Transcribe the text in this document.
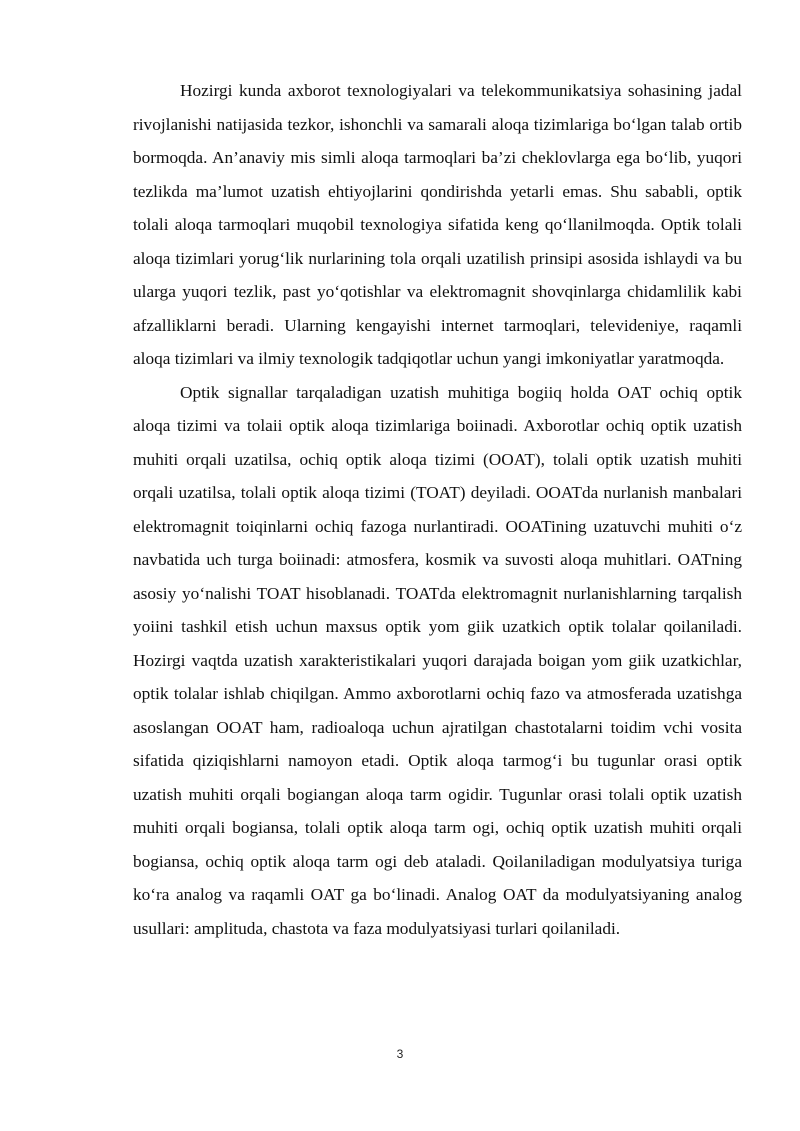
Hozirgi kunda axborot texnologiyalari va telekommunikatsiya sohasining jadal rivojlanishi natijasida tezkor, ishonchli va samarali aloqa tizimlariga bo‘lgan talab ortib bormoqda. An’anaviy mis simli aloqa tarmoqlari ba’zi cheklovlarga ega bo‘lib, yuqori tezlikda ma’lumot uzatish ehtiyojlarini qondirishda yetarli emas. Shu sababli, optik tolali aloqa tarmoqlari muqobil texnologiya sifatida keng qo‘llanilmoqda. Optik tolali aloqa tizimlari yorug‘lik nurlarining tola orqali uzatilish prinsipi asosida ishlaydi va bu ularga yuqori tezlik, past yo‘qotishlar va elektromagnit shovqinlarga chidamlilik kabi afzalliklarni beradi. Ularning kengayishi internet tarmoqlari, televideniye, raqamli aloqa tizimlari va ilmiy texnologik tadqiqotlar uchun yangi imkoniyatlar yaratmoqda.

Optik signallar tarqaladigan uzatish muhitiga bogiiq holda OAT ochiq optik aloqa tizimi va tolaii optik aloqa tizimlariga boiinadi. Axborotlar ochiq optik uzatish muhiti orqali uzatilsa, ochiq optik aloqa tizimi (OOAT), tolali optik uzatish muhiti orqali uzatilsa, tolali optik aloqa tizimi (TOAT) deyiladi. OOATda nurlanish manbalari elektromagnit toiqinlarni ochiq fazoga nurlantiradi. OOATining uzatuvchi muhiti o‘z navbatida uch turga boiinadi: atmosfera, kosmik va suvosti aloqa muhitlari. OATning asosiy yo‘nalishi TOAT hisoblanadi. TOATda elektromagnit nurlanishlarning tarqalish yoiini tashkil etish uchun maxsus optik yom giik uzatkich optik tolalar qoilaniladi. Hozirgi vaqtda uzatish xarakteristikalari yuqori darajada boigan yom giik uzatkichlar, optik tolalar ishlab chiqilgan. Ammo axborotlarni ochiq fazo va atmosferada uzatishga asoslangan OOAT ham, radioaloqa uchun ajratilgan chastotalarni toidim vchi vosita sifatida qiziqishlarni namoyon etadi. Optik aloqa tarmog‘i bu tugunlar orasi optik uzatish muhiti orqali bogiangan aloqa tarm ogidir. Tugunlar orasi tolali optik uzatish muhiti orqali bogiansa, tolali optik aloqa tarm ogi, ochiq optik uzatish muhiti orqali bogiansa, ochiq optik aloqa tarm ogi deb ataladi. Qoilaniladigan modulyatsiya turiga ko‘ra analog va raqamli OAT ga bo‘linadi. Analog OAT da modulyatsiyaning analog usullari: amplituda, chastota va faza modulyatsiyasi turlari qoilaniladi.

3
